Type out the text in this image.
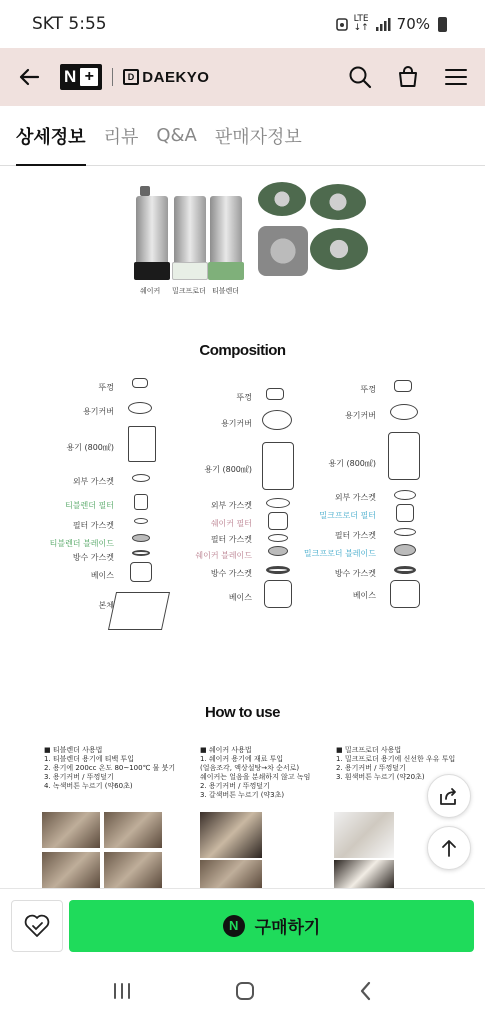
SKT 5:55	LTE
↓↑ 70%
N +	D DAEKYO
상세정보 리뷰 Q&A 판매자정보
쉐이커 밀크프로더 티블렌더
Composition
뚜껑
용기커버
용기 (800㎖)
외부 가스켓
티블렌더 필터
필터 가스켓
티블렌더 블레이드
방수 가스켓
베이스
본체
뚜껑
용기커버
용기 (800㎖)
외부 가스켓
쉐이커 필터
필터 가스켓
쉐이커 블레이드
방수 가스켓
베이스
뚜껑
용기커버
용기 (800㎖)
외부 가스켓
밀크프로더 필터
필터 가스켓
밀크프로더 블레이드
방수 가스켓
베이스
How to use
■ 티블렌더 사용법
1. 티블렌더 용기에 티백 투입
2. 용기에 200cc 온도 80~100℃ 물 붓기
3. 용기커버 / 뚜껑덮기
4. 녹색버튼 누르기 (약60초)
■ 쉐이커 사용법
1. 쉐이커 용기에 재료 투입
(얼음조각, 액상설탕→차 순서로)
쉐이커는 얼음을 분쇄하지 않고 녹임
2. 용기커버 / 뚜껑덮기
3. 갈색버튼 누르기 (약3초)
■ 밀크프로더 사용법
1. 밀크프로더 용기에 신선한 우유 투입
2. 용기커버 / 뚜껑덮기
3. 흰색버튼 누르기 (약20초)
N 구매하기
